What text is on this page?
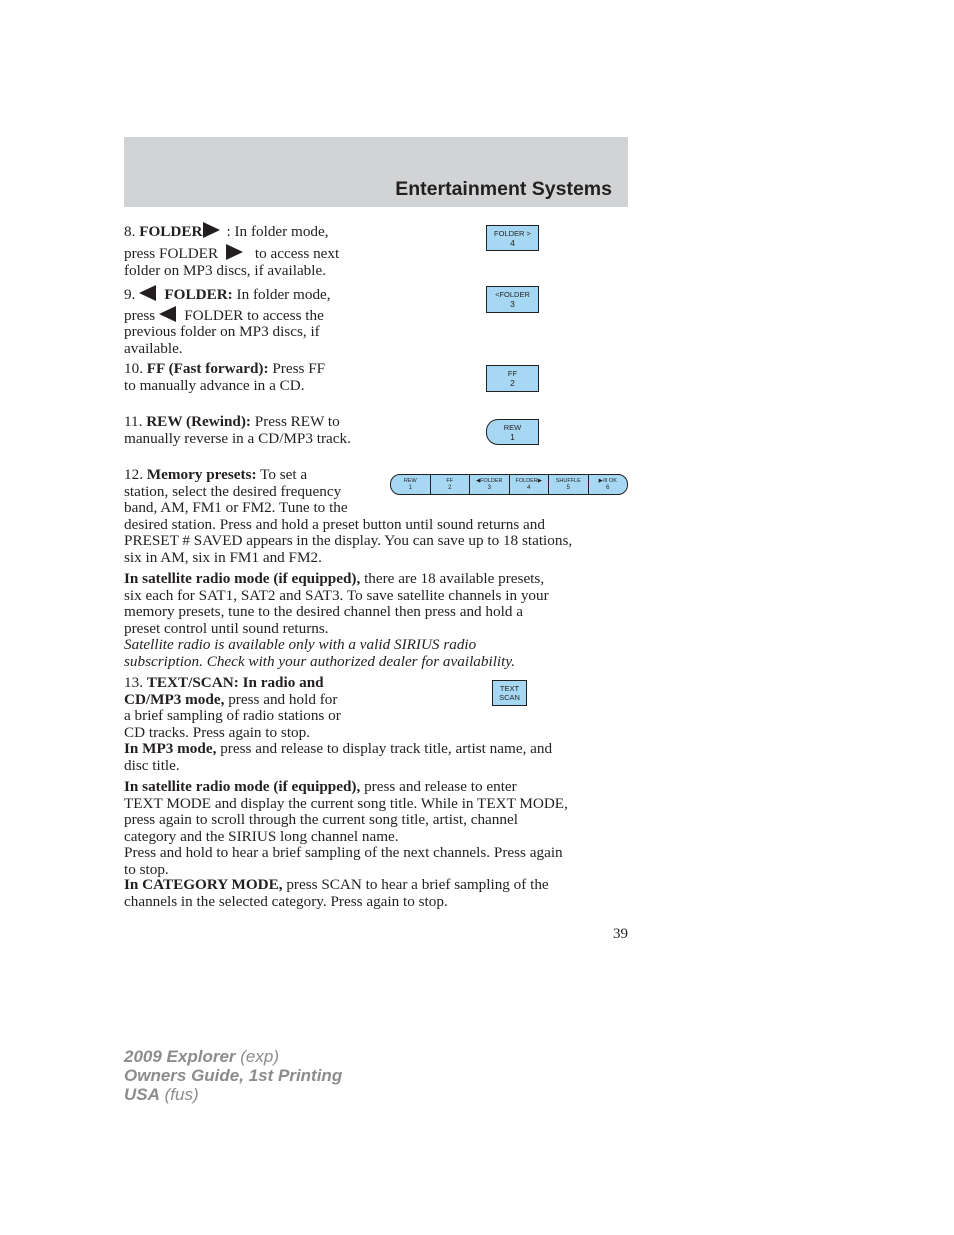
Entertainment Systems
8. FOLDER : In folder mode,
press FOLDER to access next
folder on MP3 discs, if available.
FOLDER >
4
9. FOLDER: In folder mode,
press FOLDER to access the
previous folder on MP3 discs, if
available.
<FOLDER
3
10. FF (Fast forward): Press FF
to manually advance in a CD.
FF
2
11. REW (Rewind): Press REW to
manually reverse in a CD/MP3 track.
REW
1
12. Memory presets: To set a
station, select the desired frequency
band, AM, FM1 or FM2. Tune to the
desired station. Press and hold a preset button until sound returns and
PRESET # SAVED appears in the display. You can save up to 18 stations,
six in AM, six in FM1 and FM2.
REW
1
FF
2
◀FOLDER
3
FOLDER▶
4
SHUFFLE
5
▶/II OK
6
In satellite radio mode (if equipped), there are 18 available presets,
six each for SAT1, SAT2 and SAT3. To save satellite channels in your
memory presets, tune to the desired channel then press and hold a
preset control until sound returns.
Satellite radio is available only with a valid SIRIUS radio
subscription. Check with your authorized dealer for availability.
13. TEXT/SCAN: In radio and
CD/MP3 mode, press and hold for
a brief sampling of radio stations or
CD tracks. Press again to stop.
TEXT
SCAN
In MP3 mode, press and release to display track title, artist name, and
disc title.
In satellite radio mode (if equipped), press and release to enter
TEXT MODE and display the current song title. While in TEXT MODE,
press again to scroll through the current song title, artist, channel
category and the SIRIUS long channel name.
Press and hold to hear a brief sampling of the next channels. Press again
to stop.
In CATEGORY MODE, press SCAN to hear a brief sampling of the
channels in the selected category. Press again to stop.
39
2009 Explorer (exp)
Owners Guide, 1st Printing
USA (fus)
